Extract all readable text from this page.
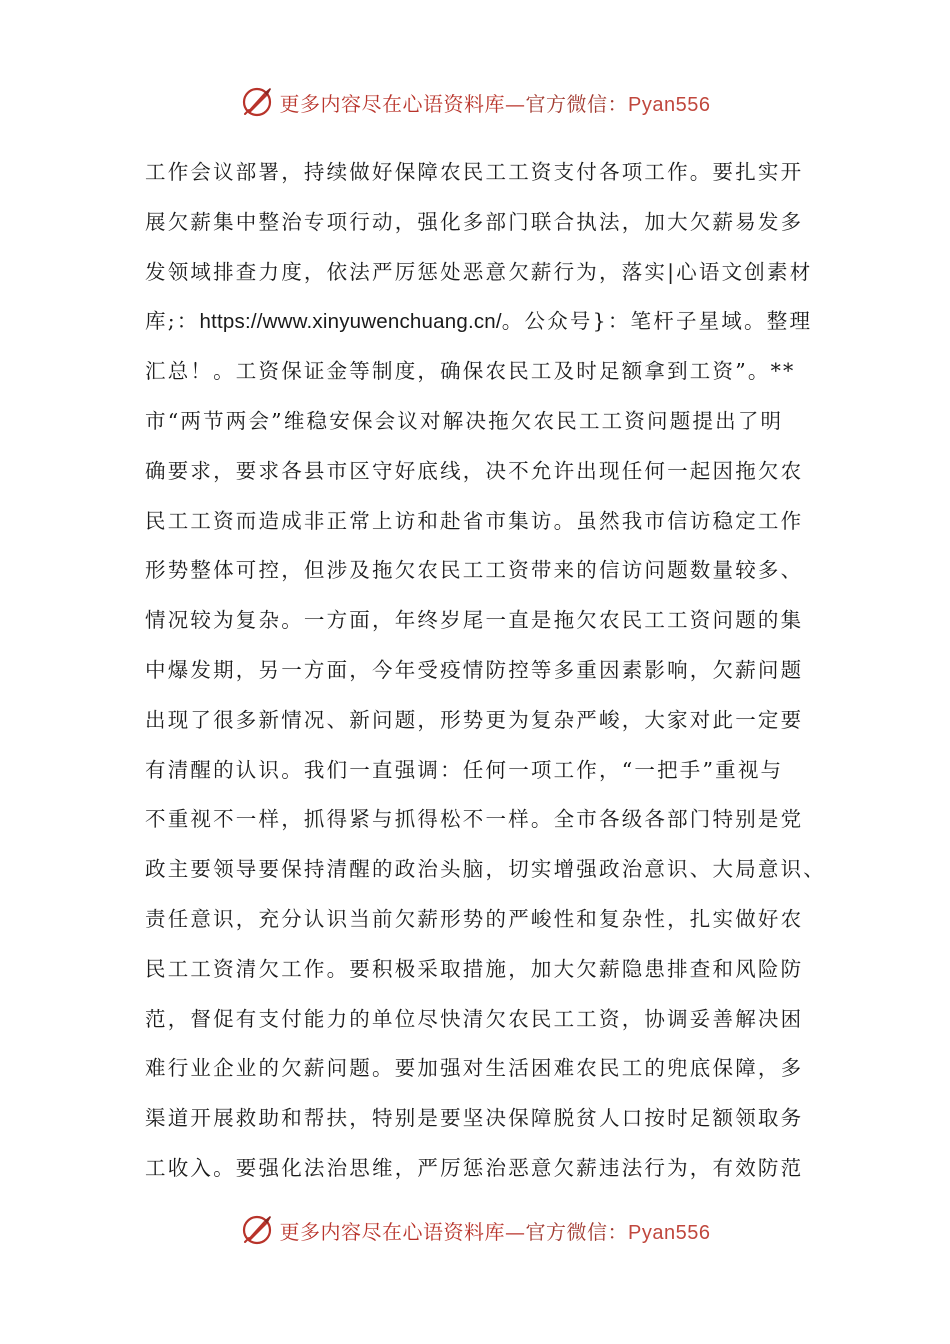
更多内容尽在心语资料库—官方微信：Pyan556
工作会议部署，持续做好保障农民工工资支付各项工作。要扎实开
展欠薪集中整治专项行动，强化多部门联合执法，加大欠薪易发多
发领域排查力度，依法严厉惩处恶意欠薪行为，落实|心语文创素材
库;：https://www.xinyuwenchuang.cn/。公众号}：笔杆子星域。整理
汇总！。工资保证金等制度，确保农民工及时足额拿到工资”。**
市“两节两会”维稳安保会议对解决拖欠农民工工资问题提出了明
确要求，要求各县市区守好底线，决不允许出现任何一起因拖欠农
民工工资而造成非正常上访和赴省市集访。虽然我市信访稳定工作
形势整体可控，但涉及拖欠农民工工资带来的信访问题数量较多、
情况较为复杂。一方面，年终岁尾一直是拖欠农民工工资问题的集
中爆发期，另一方面，今年受疫情防控等多重因素影响，欠薪问题
出现了很多新情况、新问题，形势更为复杂严峻，大家对此一定要
有清醒的认识。我们一直强调：任何一项工作，“一把手”重视与
不重视不一样，抓得紧与抓得松不一样。全市各级各部门特别是党
政主要领导要保持清醒的政治头脑，切实增强政治意识、大局意识、
责任意识，充分认识当前欠薪形势的严峻性和复杂性，扎实做好农
民工工资清欠工作。要积极采取措施，加大欠薪隐患排查和风险防
范，督促有支付能力的单位尽快清欠农民工工资，协调妥善解决困
难行业企业的欠薪问题。要加强对生活困难农民工的兜底保障，多
渠道开展救助和帮扶，特别是要坚决保障脱贫人口按时足额领取务
工收入。要强化法治思维，严厉惩治恶意欠薪违法行为，有效防范
更多内容尽在心语资料库—官方微信：Pyan556
